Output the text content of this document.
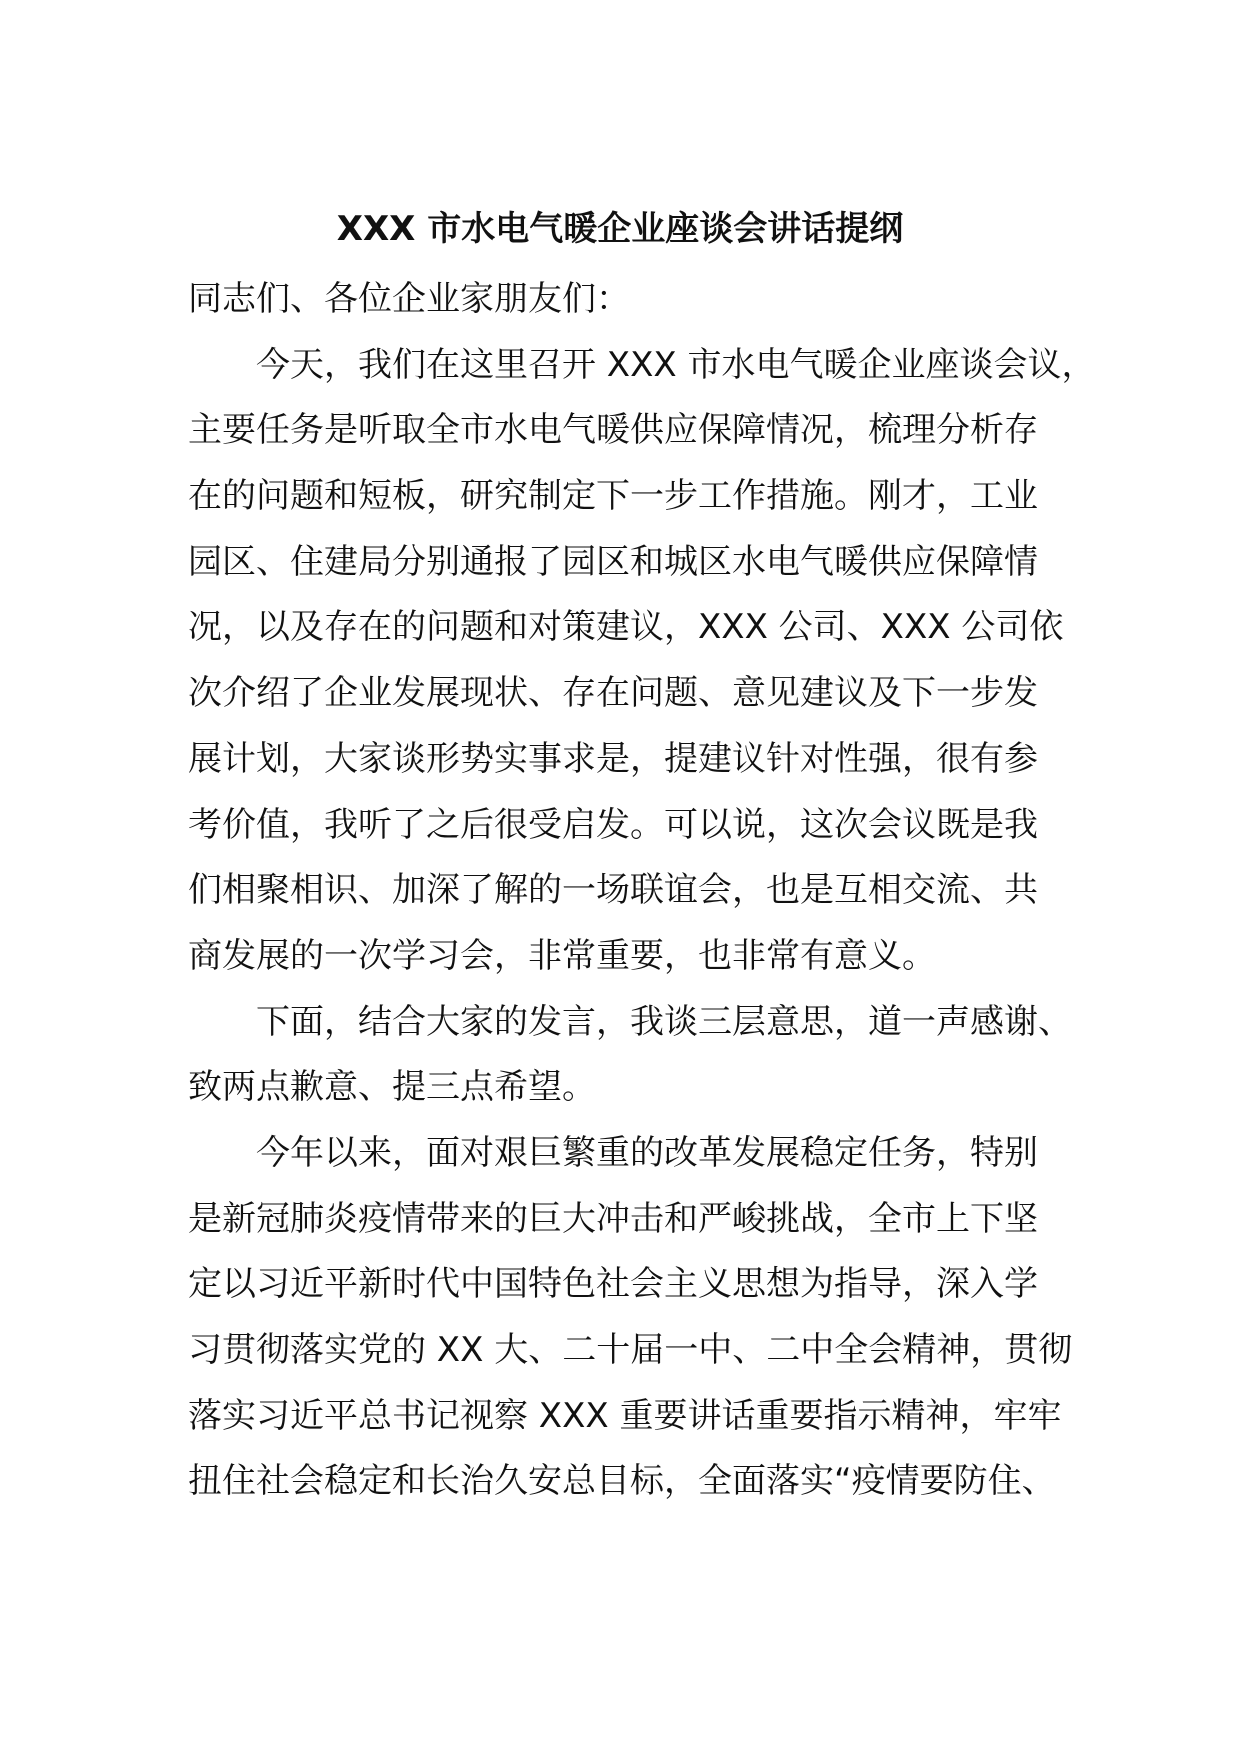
XXX 市水电气暖企业座谈会讲话提纲
同志们、各位企业家朋友们：
今天，我们在这里召开 XXX 市水电气暖企业座谈会议，
主要任务是听取全市水电气暖供应保障情况，梳理分析存
在的问题和短板，研究制定下一步工作措施。刚才，工业
园区、住建局分别通报了园区和城区水电气暖供应保障情
况，以及存在的问题和对策建议，XXX 公司、XXX 公司依
次介绍了企业发展现状、存在问题、意见建议及下一步发
展计划，大家谈形势实事求是，提建议针对性强，很有参
考价值，我听了之后很受启发。可以说，这次会议既是我
们相聚相识、加深了解的一场联谊会，也是互相交流、共
商发展的一次学习会，非常重要，也非常有意义。
下面，结合大家的发言，我谈三层意思，道一声感谢、
致两点歉意、提三点希望。
今年以来，面对艰巨繁重的改革发展稳定任务，特别
是新冠肺炎疫情带来的巨大冲击和严峻挑战，全市上下坚
定以习近平新时代中国特色社会主义思想为指导，深入学
习贯彻落实党的 XX 大、二十届一中、二中全会精神，贯彻
落实习近平总书记视察 XXX 重要讲话重要指示精神，牢牢
扭住社会稳定和长治久安总目标，全面落实“疫情要防住、
